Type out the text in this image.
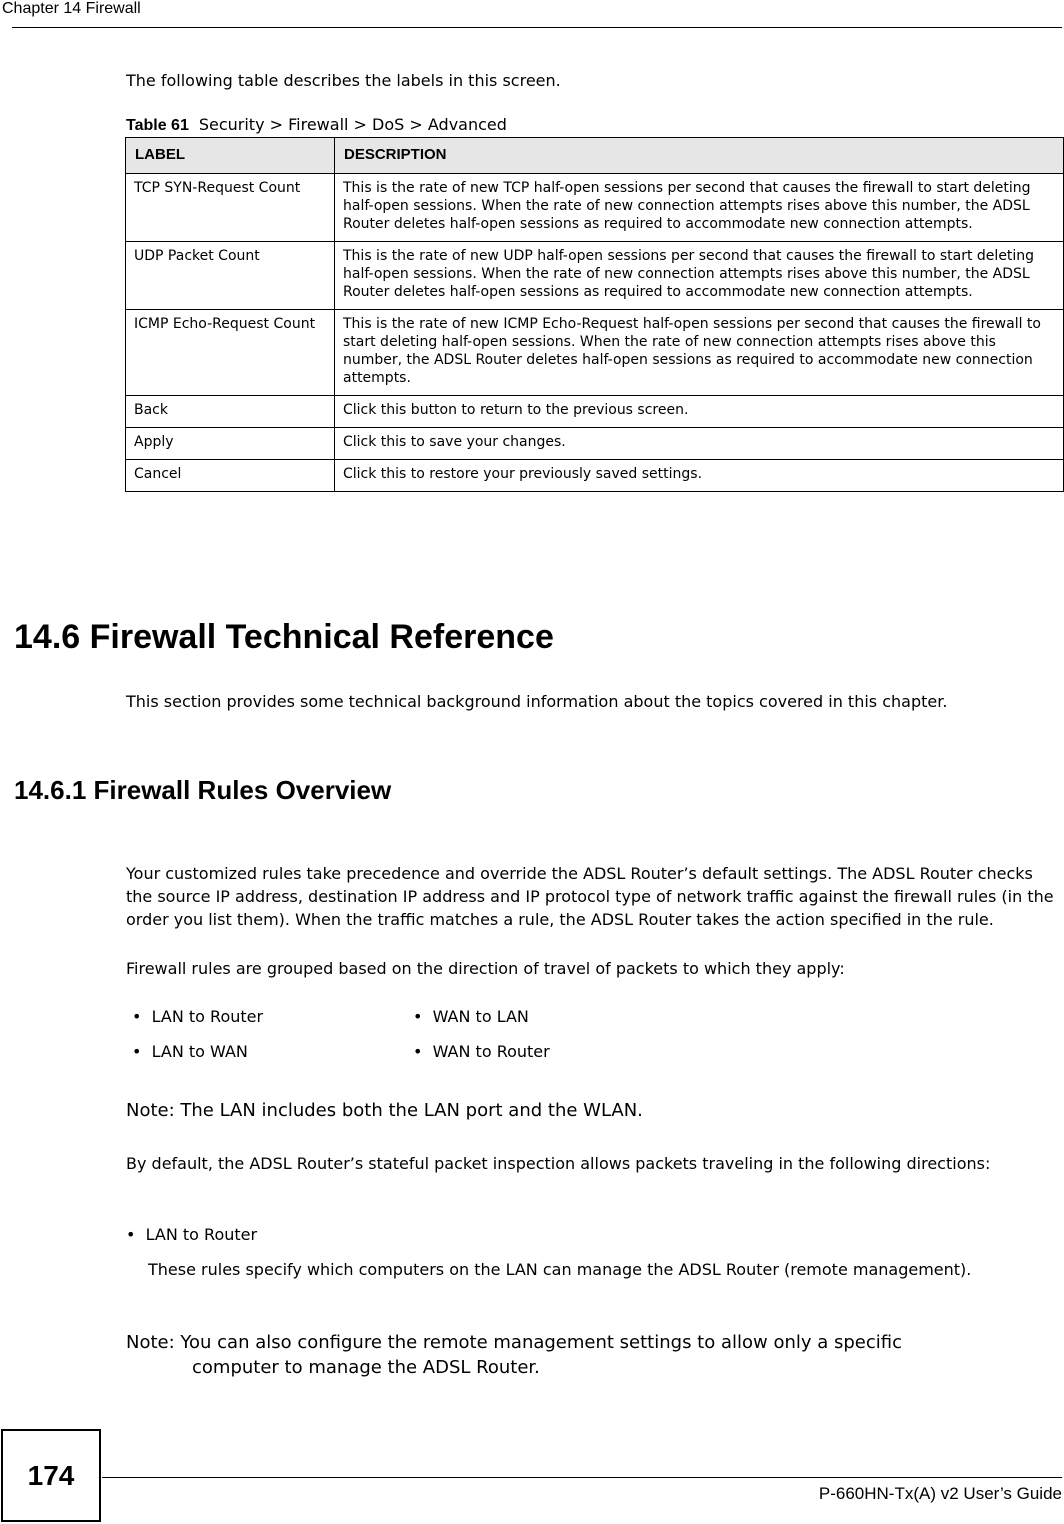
Chapter 14 Firewall
The following table describes the labels in this screen.
Table 61 Security > Firewall > DoS > Advanced
LABEL	DESCRIPTION
TCP SYN-Request Count	This is the rate of new TCP half-open sessions per second that causes the firewall to start deleting half-open sessions. When the rate of new connection attempts rises above this number, the ADSL Router deletes half-open sessions as required to accommodate new connection attempts.
UDP Packet Count	This is the rate of new UDP half-open sessions per second that causes the firewall to start deleting half-open sessions. When the rate of new connection attempts rises above this number, the ADSL Router deletes half-open sessions as required to accommodate new connection attempts.
ICMP Echo-Request Count	This is the rate of new ICMP Echo-Request half-open sessions per second that causes the firewall to start deleting half-open sessions. When the rate of new connection attempts rises above this number, the ADSL Router deletes half-open sessions as required to accommodate new connection attempts.
Back	Click this button to return to the previous screen.
Apply	Click this to save your changes.
Cancel	Click this to restore your previously saved settings.
14.6 Firewall Technical Reference
This section provides some technical background information about the topics covered in this chapter.
14.6.1 Firewall Rules Overview
Your customized rules take precedence and override the ADSL Router’s default settings. The ADSL Router checks the source IP address, destination IP address and IP protocol type of network traffic against the firewall rules (in the order you list them). When the traffic matches a rule, the ADSL Router takes the action specified in the rule.
Firewall rules are grouped based on the direction of travel of packets to which they apply:
•  LAN to Router	•  WAN to LAN
•  LAN to WAN	•  WAN to Router
Note: The LAN includes both the LAN port and the WLAN.
By default, the ADSL Router’s stateful packet inspection allows packets traveling in the following directions:
•  LAN to Router
These rules specify which computers on the LAN can manage the ADSL Router (remote management).
Note: You can also configure the remote management settings to allow only a specific
computer to manage the ADSL Router.
174
P-660HN-Tx(A) v2 User’s Guide
